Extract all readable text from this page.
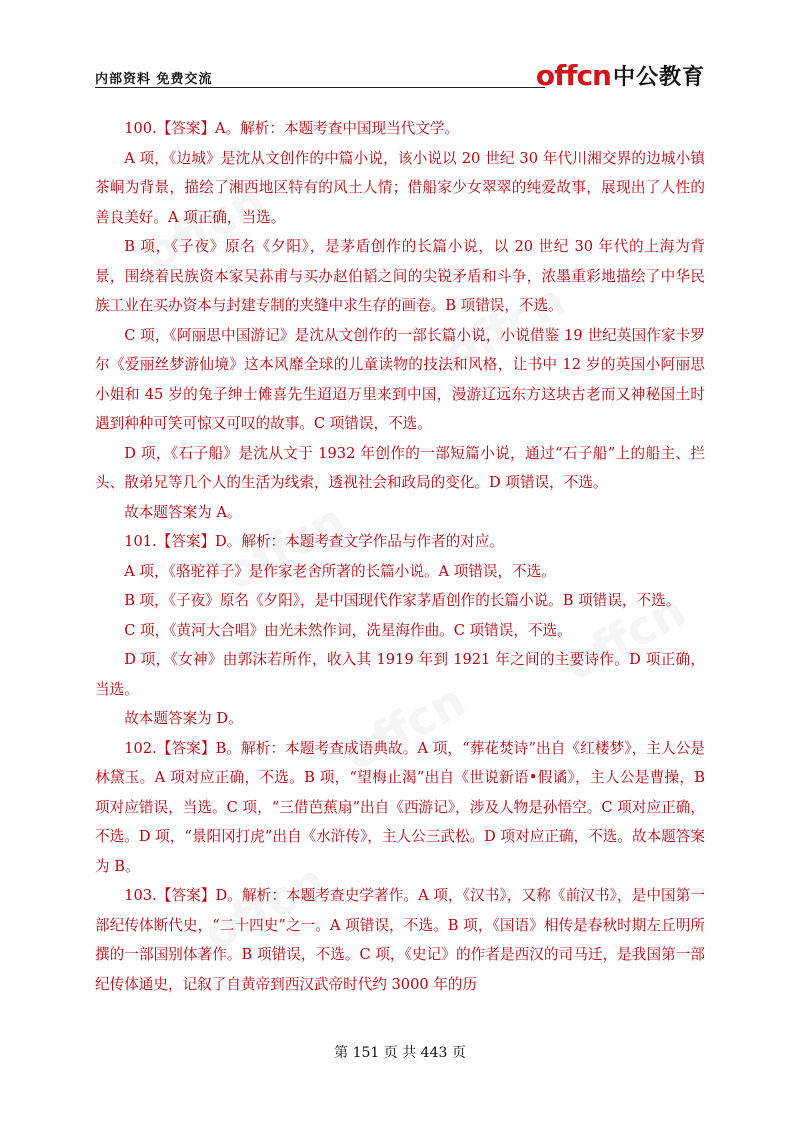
内部资料 免费交流	offcn 中公教育

100.【答案】A。解析：本题考查中国现当代文学。

A 项，《边城》是沈从文创作的中篇小说，该小说以 20 世纪 30 年代川湘交界的边城小镇茶峒为背景，描绘了湘西地区特有的风土人情；借船家少女翠翠的纯爱故事，展现出了人性的善良美好。A 项正确，当选。

B 项，《子夜》原名《夕阳》，是茅盾创作的长篇小说，以 20 世纪 30 年代的上海为背景，围绕着民族资本家吴荪甫与买办赵伯韬之间的尖锐矛盾和斗争，浓墨重彩地描绘了中华民族工业在买办资本与封建专制的夹缝中求生存的画卷。B 项错误，不选。

C 项，《阿丽思中国游记》是沈从文创作的一部长篇小说，小说借鉴 19 世纪英国作家卡罗尔《爱丽丝梦游仙境》这本风靡全球的儿童读物的技法和风格，让书中 12 岁的英国小阿丽思小姐和 45 岁的兔子绅士傩喜先生迢迢万里来到中国，漫游辽远东方这块古老而又神秘国土时遇到种种可笑可惊又可叹的故事。C 项错误，不选。

D 项，《石子船》是沈从文于 1932 年创作的一部短篇小说，通过“石子船”上的船主、拦头、散弟兄等几个人的生活为线索，透视社会和政局的变化。D 项错误，不选。

故本题答案为 A。

101.【答案】D。解析：本题考查文学作品与作者的对应。

A 项，《骆驼祥子》是作家老舍所著的长篇小说。A 项错误，不选。

B 项，《子夜》原名《夕阳》，是中国现代作家茅盾创作的长篇小说。B 项错误，不选。

C 项，《黄河大合唱》由光未然作词，冼星海作曲。C 项错误，不选。

D 项，《女神》由郭沫若所作，收入其 1919 年到 1921 年之间的主要诗作。D 项正确，当选。

故本题答案为 D。

102.【答案】B。解析：本题考查成语典故。A 项，“葬花焚诗”出自《红楼梦》，主人公是林黛玉。A 项对应正确，不选。B 项，“望梅止渴”出自《世说新语•假谲》，主人公是曹操，B 项对应错误，当选。C 项，“三借芭蕉扇”出自《西游记》，涉及人物是孙悟空。C 项对应正确，不选。D 项，“景阳冈打虎”出自《水浒传》，主人公三武松。D 项对应正确，不选。故本题答案为 B。

103.【答案】D。解析：本题考查史学著作。A 项，《汉书》，又称《前汉书》，是中国第一部纪传体断代史，“二十四史”之一。A 项错误，不选。B 项，《国语》相传是春秋时期左丘明所撰的一部国别体著作。B 项错误，不选。C 项，《史记》的作者是西汉的司马迁，是我国第一部纪传体通史，记叙了自黄帝到西汉武帝时代约 3000 年的历

第 151 页 共 443 页
